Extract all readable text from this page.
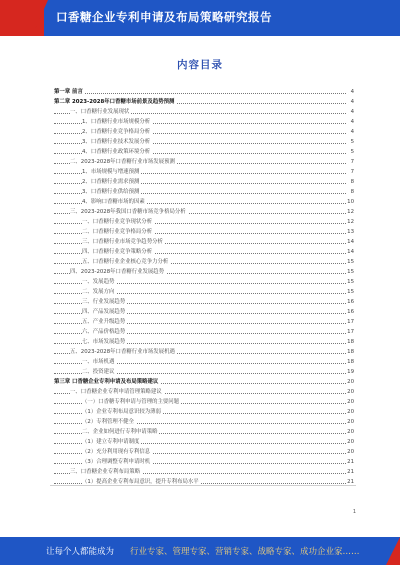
口香糖企业专利申请及布局策略研究报告
内容目录
第一章 前言	4
第二章 2023-2028年口香糖市场前景及趋势预测	4
一、口香糖行业发展现状	4
1、口香糖行业市场规模分析	4
2、口香糖行业竞争格局分析	4
3、口香糖行业技术发展分析	5
4、口香糖行业政策环境分析	5
二、2023-2028年口香糖行业市场发展预测	7
1、市场规模与增速预测	7
2、口香糖行业需求预测	8
3、口香糖行业供给预测	8
4、影响口香糖市场的因素	10
三、2023-2028年我国口香糖市场竞争格局分析	12
一、口香糖行业竞争现状分析	12
二、口香糖行业竞争格局分析	13
三、口香糖行业市场竞争趋势分析	14
四、口香糖行业竞争策略分析	14
五、口香糖行业企业核心竞争力分析	15
四、2023-2028年口香糖行业发展趋势	15
一、发展趋势	15
二、发展方向	15
三、行业发展趋势	16
四、产品发展趋势	16
五、产业升级趋势	17
六、产品价格趋势	17
七、市场发展趋势	18
五、2023-2028年口香糖行业市场发展机遇	18
一、市场机遇	18
二、投资建议	19
第三章 口香糖企业专利申请及布局策略建议	20
一、口香糖企业专利申请管理策略建议	20
（一）口香糖专利申请与管理的主要问题	20
（1）企业专利布局意识较为薄弱	20
（2）专利管理不健全	20
二、企业如何进行专利申请策略	20
（1）建立专利申请制度	20
（2）充分利用现有专利信息	20
（3）合理调整专利申请时机	21
三、口香糖企业专利布局策略	21
（1）提高企业专利布局意识，提升专利布局水平	21
1
让每个人都能成为 行业专家、管理专家、营销专家、战略专家、成功企业家……
